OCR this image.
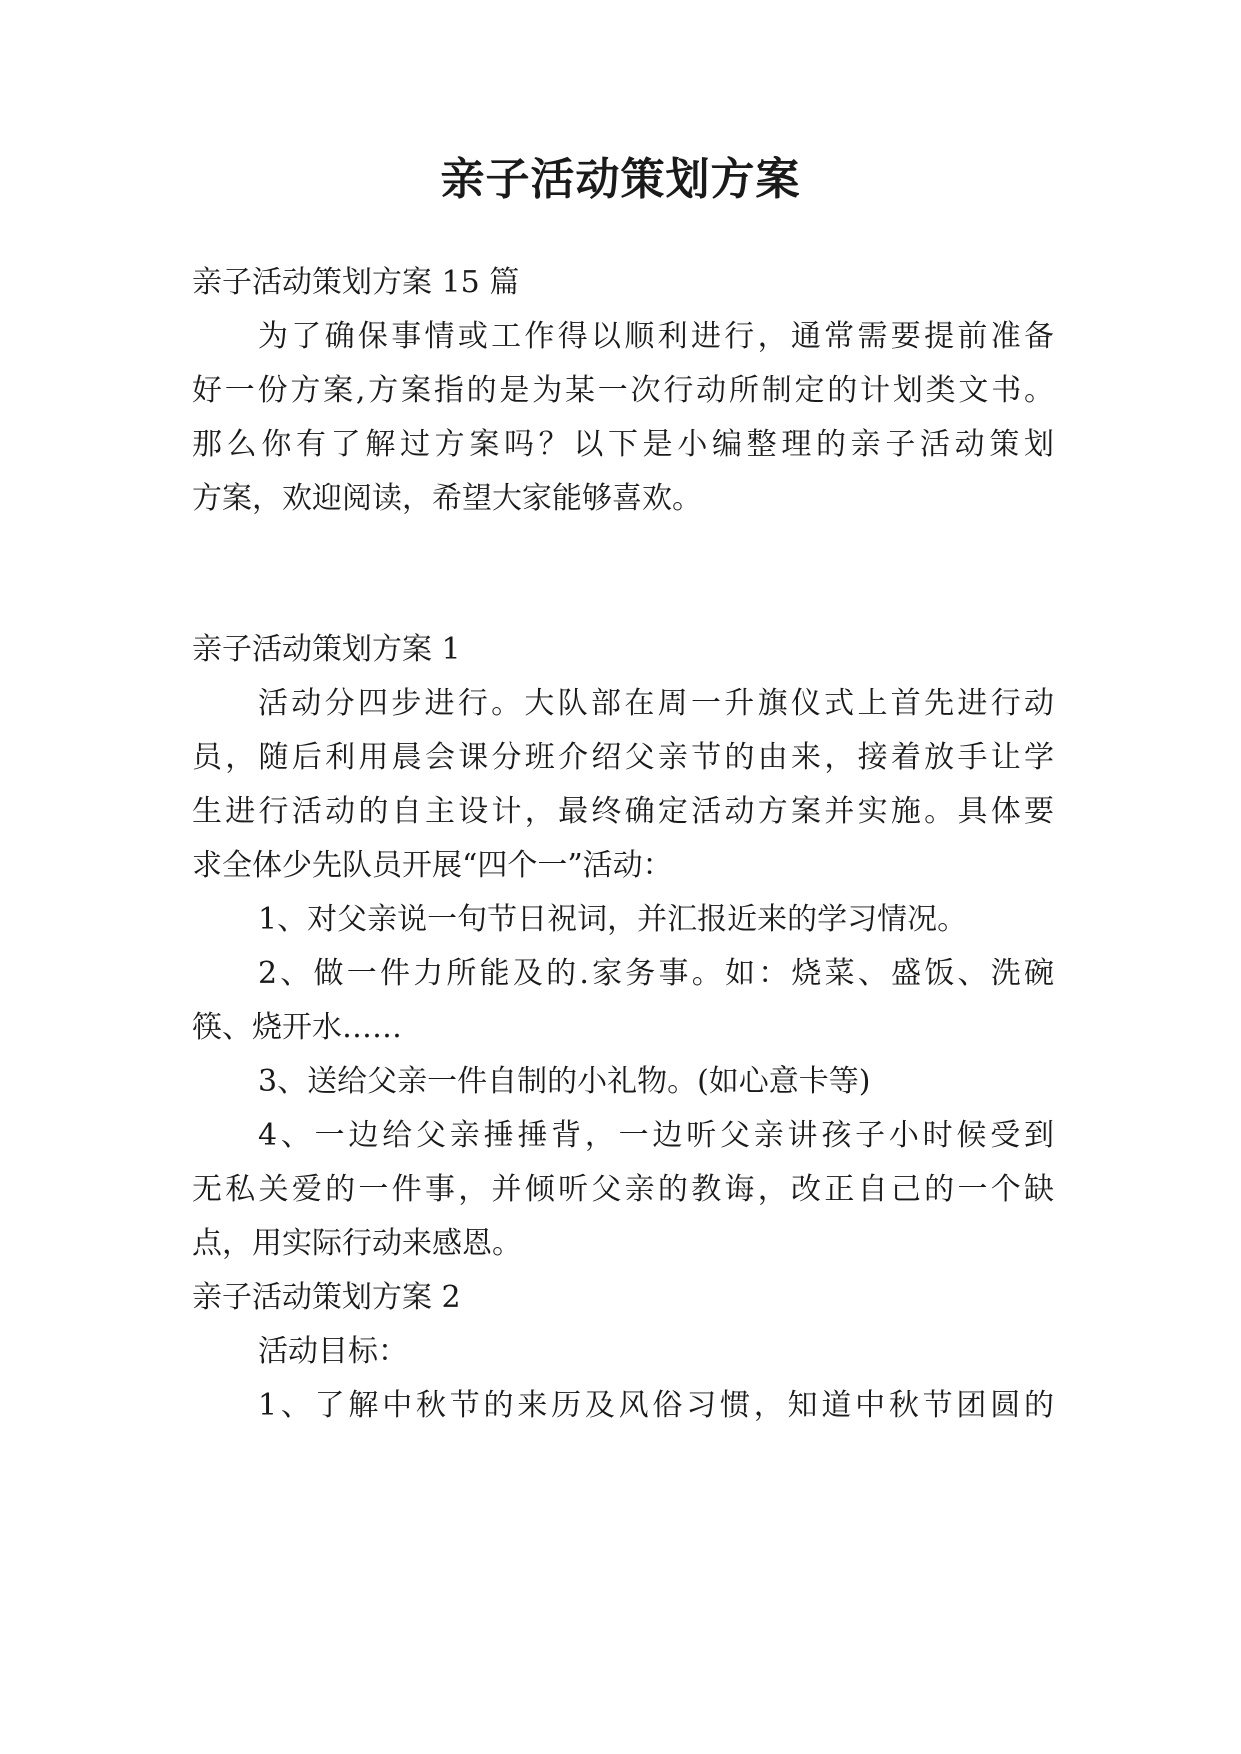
亲子活动策划方案
亲子活动策划方案 15 篇
为了确保事情或工作得以顺利进行，通常需要提前准备
好一份方案,方案指的是为某一次行动所制定的计划类文书。
那么你有了解过方案吗？以下是小编整理的亲子活动策划
方案，欢迎阅读，希望大家能够喜欢。
亲子活动策划方案 1
活动分四步进行。大队部在周一升旗仪式上首先进行动
员，随后利用晨会课分班介绍父亲节的由来，接着放手让学
生进行活动的自主设计，最终确定活动方案并实施。具体要
求全体少先队员开展“四个一”活动：
1、对父亲说一句节日祝词，并汇报近来的学习情况。
2、做一件力所能及的.家务事。如：烧菜、盛饭、洗碗
筷、烧开水……
3、送给父亲一件自制的小礼物。(如心意卡等)
4、一边给父亲捶捶背，一边听父亲讲孩子小时候受到
无私关爱的一件事，并倾听父亲的教诲，改正自己的一个缺
点，用实际行动来感恩。
亲子活动策划方案 2
活动目标：
1、了解中秋节的来历及风俗习惯，知道中秋节团圆的
